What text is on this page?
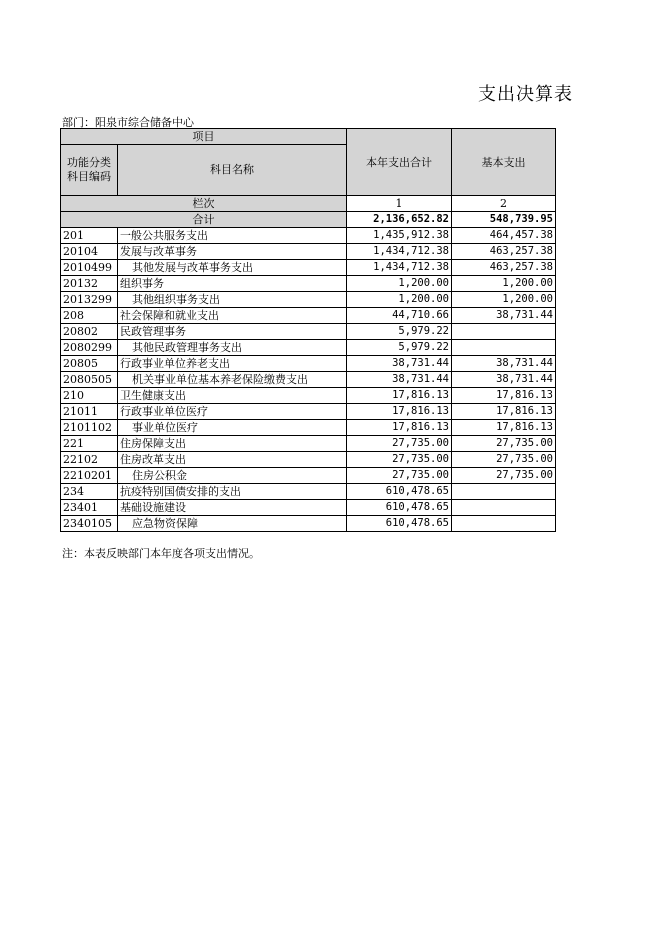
支出决算表
部门：阳泉市综合储备中心
项目		本年支出合计	基本支出

功能分类
科目编码	科目名称		
栏次		1	2
合计		2,136,652.82	548,739.95
201	一般公共服务支出	1,435,912.38	464,457.38
20104	发展与改革事务	1,434,712.38	463,257.38
2010499	其他发展与改革事务支出	1,434,712.38	463,257.38
20132	组织事务	1,200.00	1,200.00
2013299	其他组织事务支出	1,200.00	1,200.00
208	社会保障和就业支出	44,710.66	38,731.44
20802	民政管理事务	5,979.22	
2080299	其他民政管理事务支出	5,979.22	
20805	行政事业单位养老支出	38,731.44	38,731.44
2080505	机关事业单位基本养老保险缴费支出	38,731.44	38,731.44
210	卫生健康支出	17,816.13	17,816.13
21011	行政事业单位医疗	17,816.13	17,816.13
2101102	事业单位医疗	17,816.13	17,816.13
221	住房保障支出	27,735.00	27,735.00
22102	住房改革支出	27,735.00	27,735.00
2210201	住房公积金	27,735.00	27,735.00
234	抗疫特别国债安排的支出	610,478.65	
23401	基础设施建设	610,478.65	
2340105	应急物资保障	610,478.65	
注：本表反映部门本年度各项支出情况。
